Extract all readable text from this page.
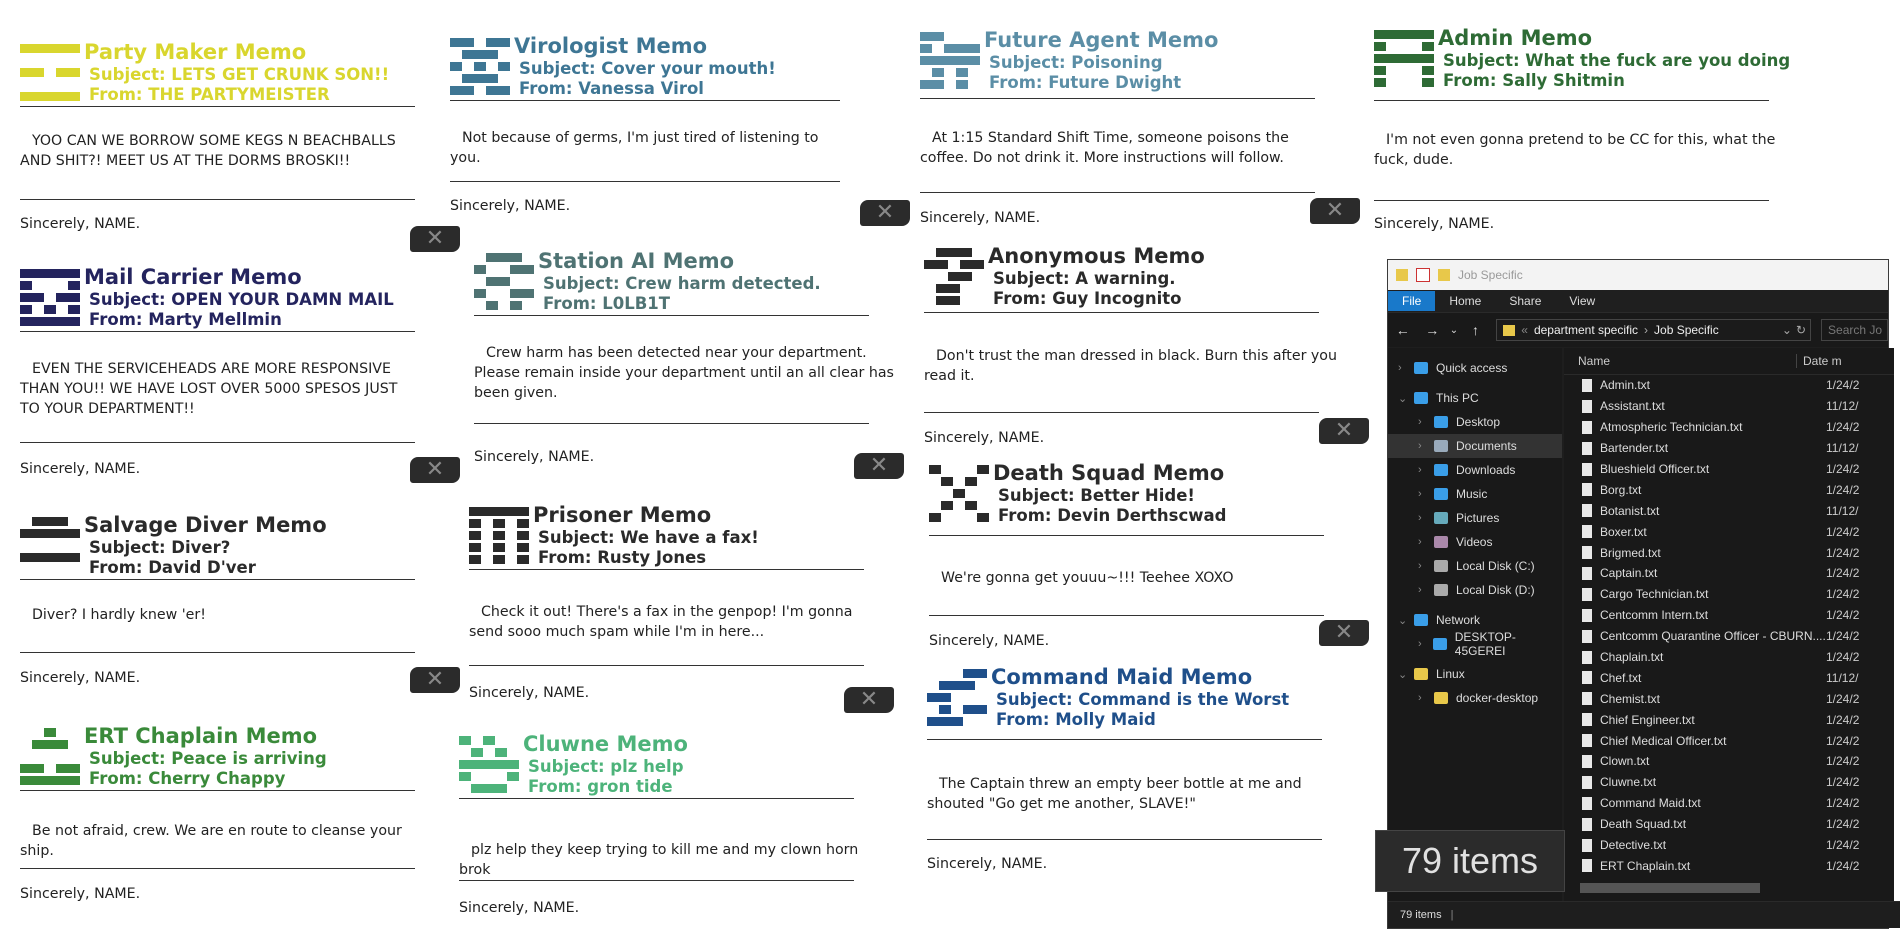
Party Maker Memo
Subject: LETS GET CRUNK SON!!
From: THE PARTYMEISTER
YOO CAN WE BORROW SOME KEGS N BEACHBALLS AND SHIT?! MEET US AT THE DORMS BROSKI!!
Sincerely, NAME.
✕
Mail Carrier Memo
Subject: OPEN YOUR DAMN MAIL
From: Marty Mellmin
EVEN THE SERVICEHEADS ARE MORE RESPONSIVE THAN YOU!! WE HAVE LOST OVER 5000 SPESOS JUST TO YOUR DEPARTMENT!!
Sincerely, NAME.	✕
Salvage Diver Memo
Subject: Diver?
From: David D'ver
Diver? I hardly knew 'er!
Sincerely, NAME.	✕
ERT Chaplain Memo
Subject: Peace is arriving
From: Cherry Chappy
Be not afraid, crew. We are en route to cleanse your ship.
Sincerely, NAME.
Virologist Memo
Subject: Cover your mouth!
From: Vanessa Virol
Not because of germs, I'm just tired of listening to you.
Sincerely, NAME.	✕
Station AI Memo
Subject: Crew harm detected.
From: L0LB1T
Crew harm has been detected near your department. Please remain inside your department until an all clear has been given.
Sincerely, NAME.	✕
Prisoner Memo
Subject: We have a fax!
From: Rusty Jones
Check it out! There's a fax in the genpop! I'm gonna send sooo much spam while I'm in here...
Sincerely, NAME.	✕
Cluwne Memo
Subject: plz help
From: gron tide
plz help they keep trying to kill me and my clown horn brok
Sincerely, NAME.
Future Agent Memo
Subject: Poisoning
From: Future Dwight
At 1:15 Standard Shift Time, someone poisons the coffee. Do not drink it. More instructions will follow.
Sincerely, NAME.	✕
Anonymous Memo
Subject: A warning.
From: Guy Incognito
Don't trust the man dressed in black. Burn this after you read it.
Sincerely, NAME.	✕
Death Squad Memo
Subject: Better Hide!
From: Devin Derthscwad
We're gonna get youuu~!!! Teehee XOXO
Sincerely, NAME.	✕
Command Maid Memo
Subject: Command is the Worst
From: Molly Maid
The Captain threw an empty beer bottle at me and shouted "Go get me another, SLAVE!"
Sincerely, NAME.
Admin Memo
Subject: What the fuck are you doing
From: Sally Shitmin
I'm not even gonna pretend to be CC for this, what the fuck, dude.
Sincerely, NAME.
Job Specific
File	Home	Share	View
←	→	⌄ ↑	« department specific › Job Specific	⌄ ↻	Search Jo
›	Quick access
⌄	This PC
›	Desktop
›	Documents
›	Downloads
›	Music
›	Pictures
›	Videos
›	Local Disk (C:)
›	Local Disk (D:)
⌄	Network
›	DESKTOP-45GEREI
⌄	Linux
›	docker-desktop
Name	Date m
Admin.txt	1/24/2
Assistant.txt	11/12/
Atmospheric Technician.txt	1/24/2
Bartender.txt	11/12/
Blueshield Officer.txt	1/24/2
Borg.txt	1/24/2
Botanist.txt	11/12/
Boxer.txt	1/24/2
Brigmed.txt	1/24/2
Captain.txt	1/24/2
Cargo Technician.txt	1/24/2
Centcomm Intern.txt	1/24/2
Centcomm Quarantine Officer - CBURN.... 1/24/2
Chaplain.txt	1/24/2
Chef.txt	11/12/
Chemist.txt	1/24/2
Chief Engineer.txt	1/24/2
Chief Medical Officer.txt	1/24/2
Clown.txt	1/24/2
Cluwne.txt	1/24/2
Command Maid.txt	1/24/2
Death Squad.txt	1/24/2
Detective.txt	1/24/2
ERT Chaplain.txt	1/24/2
79 items |
79 items
